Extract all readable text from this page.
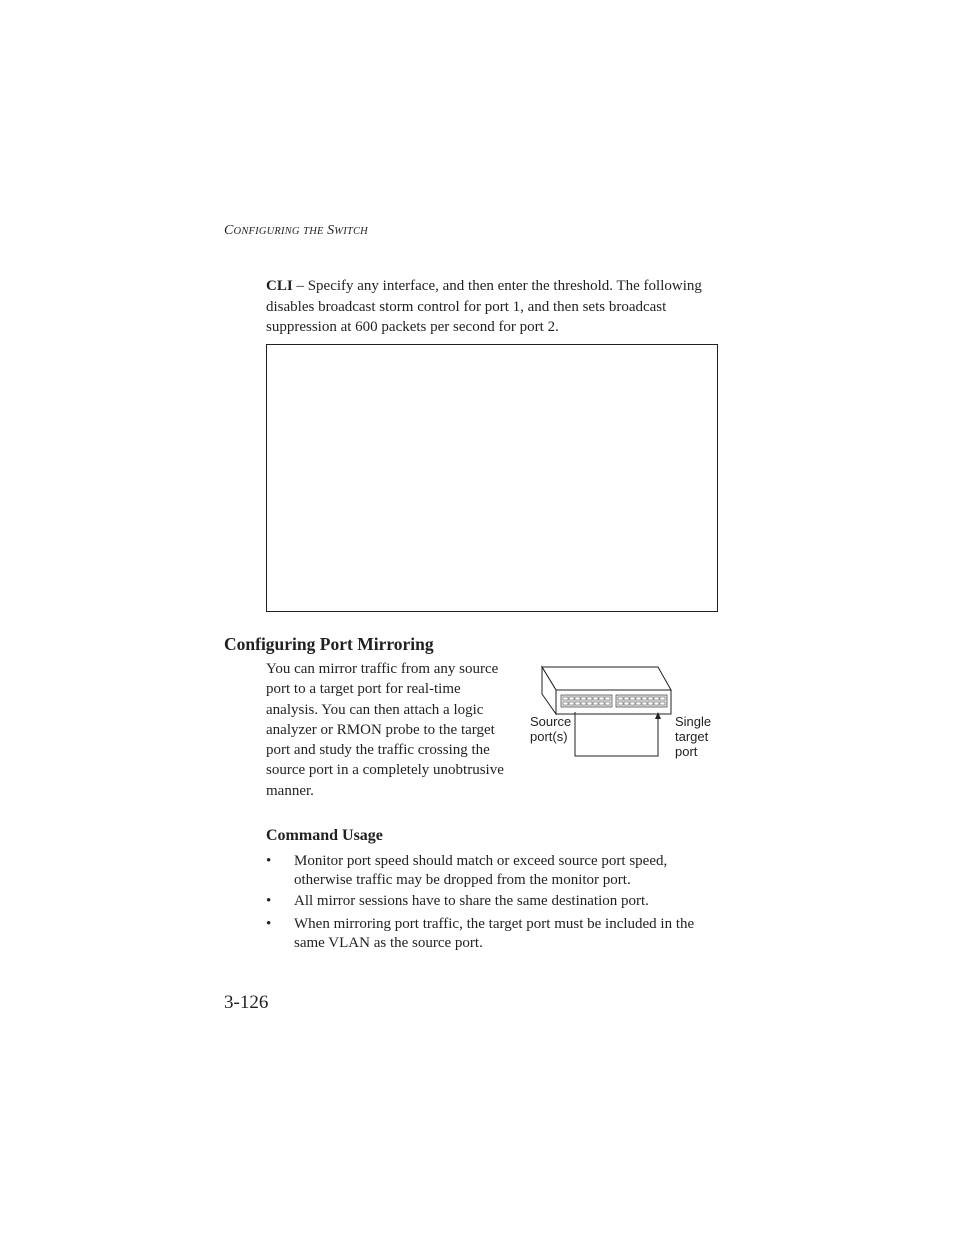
CONFIGURING THE SWITCH
CLI – Specify any interface, and then enter the threshold. The following disables broadcast storm control for port 1, and then sets broadcast suppression at 600 packets per second for port 2.
Configuring Port Mirroring
You can mirror traffic from any source port to a target port for real-time analysis. You can then attach a logic analyzer or RMON probe to the target port and study the traffic crossing the source port in a completely unobtrusive manner.
Source
port(s)
Single
target
port
Command Usage
• Monitor port speed should match or exceed source port speed, otherwise traffic may be dropped from the monitor port.
• All mirror sessions have to share the same destination port.
• When mirroring port traffic, the target port must be included in the same VLAN as the source port.
3-126
